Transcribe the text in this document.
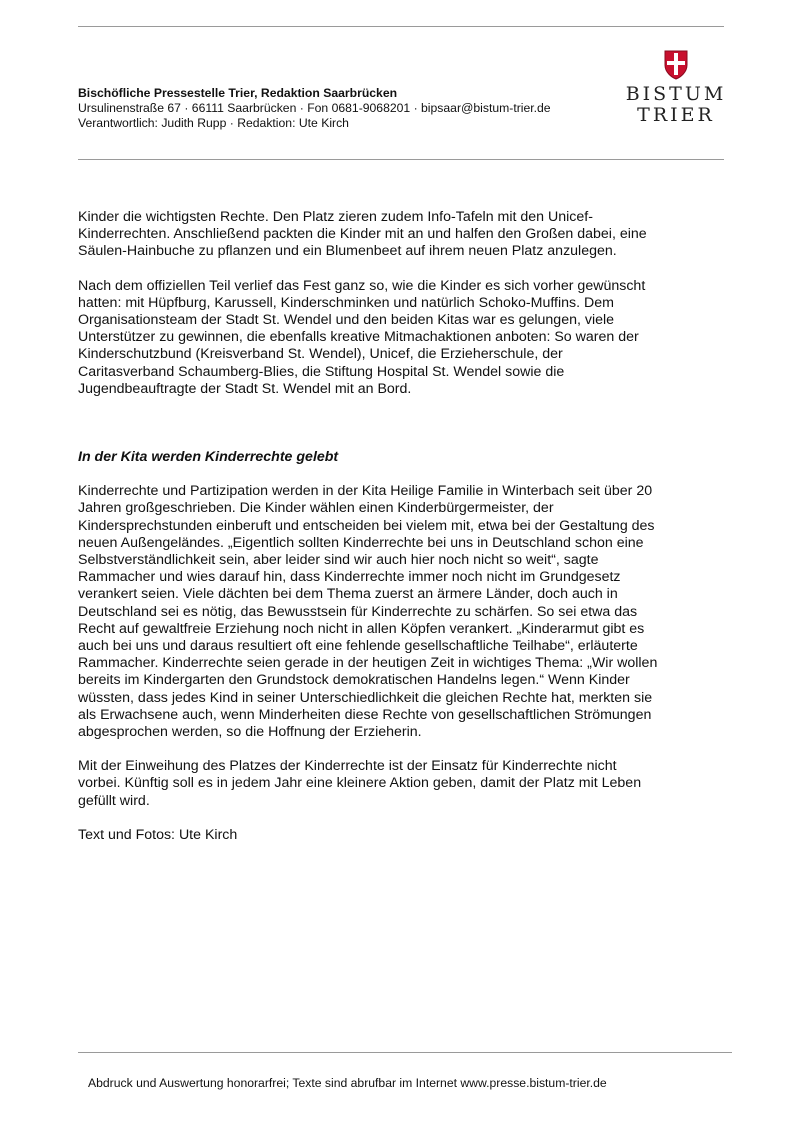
Bischöfliche Pressestelle Trier, Redaktion Saarbrücken
Ursulinenstraße 67 · 66111 Saarbrücken · Fon 0681-9068201 · bipsaar@bistum-trier.de
Verantwortlich: Judith Rupp · Redaktion: Ute Kirch
BISTUM
TRIER

Kinder die wichtigsten Rechte. Den Platz zieren zudem Info-Tafeln mit den Unicef-Kinderrechten. Anschließend packten die Kinder mit an und halfen den Großen dabei, eine Säulen-Hainbuche zu pflanzen und ein Blumenbeet auf ihrem neuen Platz anzulegen.

Nach dem offiziellen Teil verlief das Fest ganz so, wie die Kinder es sich vorher gewünscht hatten: mit Hüpfburg, Karussell, Kinderschminken und natürlich Schoko-Muffins. Dem Organisationsteam der Stadt St. Wendel und den beiden Kitas war es gelungen, viele Unterstützer zu gewinnen, die ebenfalls kreative Mitmachaktionen anboten: So waren der Kinderschutzbund (Kreisverband St. Wendel), Unicef, die Erzieherschule, der Caritasverband Schaumberg-Blies, die Stiftung Hospital St. Wendel sowie die Jugendbeauftragte der Stadt St. Wendel mit an Bord.

In der Kita werden Kinderrechte gelebt

Kinderrechte und Partizipation werden in der Kita Heilige Familie in Winterbach seit über 20 Jahren großgeschrieben. Die Kinder wählen einen Kinderbürgermeister, der Kindersprechstunden einberuft und entscheiden bei vielem mit, etwa bei der Gestaltung des neuen Außengeländes. „Eigentlich sollten Kinderrechte bei uns in Deutschland schon eine Selbstverständlichkeit sein, aber leider sind wir auch hier noch nicht so weit“, sagte Rammacher und wies darauf hin, dass Kinderrechte immer noch nicht im Grundgesetz verankert seien. Viele dächten bei dem Thema zuerst an ärmere Länder, doch auch in Deutschland sei es nötig, das Bewusstsein für Kinderrechte zu schärfen. So sei etwa das Recht auf gewaltfreie Erziehung noch nicht in allen Köpfen verankert. „Kinderarmut gibt es auch bei uns und daraus resultiert oft eine fehlende gesellschaftliche Teilhabe“, erläuterte Rammacher. Kinderrechte seien gerade in der heutigen Zeit in wichtiges Thema: „Wir wollen bereits im Kindergarten den Grundstock demokratischen Handelns legen.“ Wenn Kinder wüssten, dass jedes Kind in seiner Unterschiedlichkeit die gleichen Rechte hat, merkten sie als Erwachsene auch, wenn Minderheiten diese Rechte von gesellschaftlichen Strömungen abgesprochen werden, so die Hoffnung der Erzieherin.

Mit der Einweihung des Platzes der Kinderrechte ist der Einsatz für Kinderrechte nicht vorbei. Künftig soll es in jedem Jahr eine kleinere Aktion geben, damit der Platz mit Leben gefüllt wird.

Text und Fotos: Ute Kirch

Abdruck und Auswertung honorarfrei; Texte sind abrufbar im Internet www.presse.bistum-trier.de
